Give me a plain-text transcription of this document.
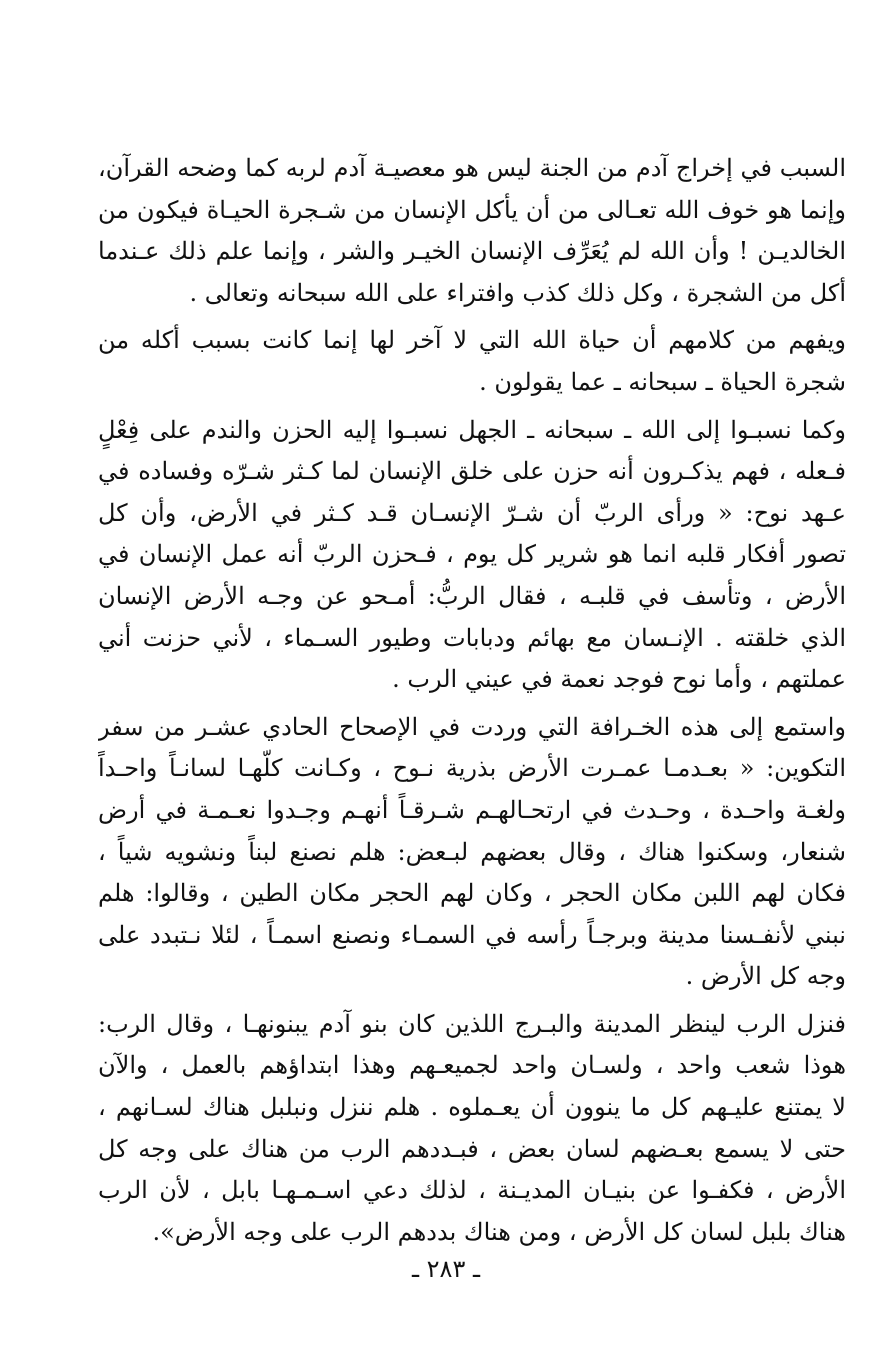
السبب في إخراج آدم من الجنة ليس هو معصيـة آدم لربه كما وضحه القرآن،
وإنما هو خوف الله تعـالى من أن يأكل الإنسان من شـجرة الحيـاة فيكون من
الخالديـن ! وأن الله لم يُعَرِّف الإنسان الخيـر والشر ، وإنما علم ذلك عـندما
أكل من الشجرة ، وكل ذلك كذب وافتراء على الله سبحانه وتعالى .
ويفهم من كلامهم أن حياة الله التي لا آخر لها إنما كانت بسبب أكله من
شجرة الحياة ـ سبحانه ـ عما يقولون .
وكما نسبـوا إلى الله ـ سبحانه ـ الجهل نسبـوا إليه الحزن والندم على فِعْلٍ
فـعله ، فهم يذكـرون أنه حزن على خلق الإنسان لما كـثر شـرّه وفساده في
عـهد نوح: « ورأى الربّ أن شـرّ الإنسـان قـد كـثر في الأرض، وأن كل
تصور أفكار قلبه انما هو شرير كل يوم ، فـحزن الربّ أنه عمل الإنسان في
الأرض ، وتأسف في قلبـه ، فقال الربُّ: أمـحو عن وجـه الأرض الإنسان
الذي خلقته . الإنـسان مع بهائم ودبابات وطيور السـماء ، لأني حزنت أني
عملتهم ، وأما نوح فوجد نعمة في عيني الرب .
واستمع إلى هذه الخـرافة التي وردت في الإصحاح الحادي عشـر من سفر
التكوين: « بعـدمـا عمـرت الأرض بذرية نـوح ، وكـانت كلّهـا لسانـاً واحـداً
ولغـة واحـدة ، وحـدث في ارتحـالهـم شـرقـاً أنهـم وجـدوا نعـمـة في أرض
شنعار، وسكنوا هناك ، وقال بعضهم لبـعض: هلم نصنع لبناً ونشويه شياً ،
فكان لهم اللبن مكان الحجر ، وكان لهم الحجر مكان الطين ، وقالوا: هلم
نبني لأنفـسنا مدينة وبرجـاً رأسه في السمـاء ونصنع اسمـاً ، لئلا نـتبدد على
وجه كل الأرض .
فنزل الرب لينظر المدينة والبـرج اللذين كان بنو آدم يبنونهـا ، وقال الرب:
هوذا شعب واحد ، ولسـان واحد لجميعـهم وهذا ابتداؤهم بالعمل ، والآن
لا يمتنع عليـهم كل ما ينوون أن يعـملوه . هلم ننزل ونبلبل هناك لسـانهم ،
حتى لا يسمع بعـضهم لسان بعض ، فبـددهم الرب من هناك على وجه كل
الأرض ، فكفـوا عن بنيـان المديـنة ، لذلك دعي اسـمـهـا بابل ، لأن الرب
هناك بلبل لسان كل الأرض ، ومن هناك بددهم الرب على وجه الأرض».
ـ ٢٨٣ ـ
